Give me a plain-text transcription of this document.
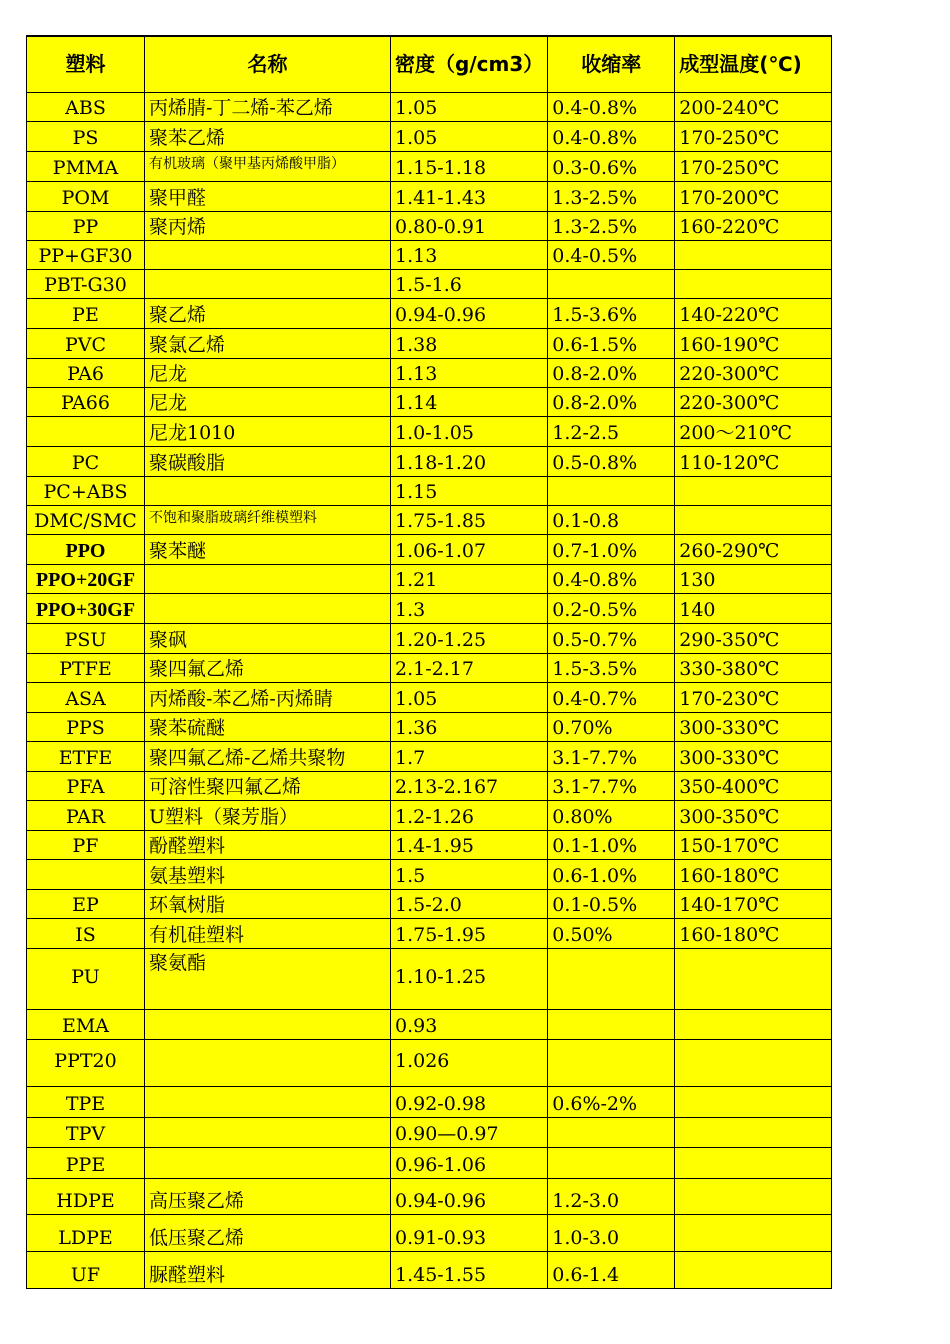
塑料	名称	密度（g/cm3）	收缩率	成型温度(℃)
ABS	丙烯腈-丁二烯-苯乙烯	1.05	0.4-0.8%	200-240℃
PS	聚苯乙烯	1.05	0.4-0.8%	170-250℃
PMMA	有机玻璃（聚甲基丙烯酸甲脂）	1.15-1.18	0.3-0.6%	170-250℃
POM	聚甲醛	1.41-1.43	1.3-2.5%	170-200℃
PP	聚丙烯	0.80-0.91	1.3-2.5%	160-220℃
PP+GF30		1.13	0.4-0.5%	
PBT-G30		1.5-1.6		
PE	聚乙烯	0.94-0.96	1.5-3.6%	140-220℃
PVC	聚氯乙烯	1.38	0.6-1.5%	160-190℃
PA6	尼龙	1.13	0.8-2.0%	220-300℃
PA66	尼龙	1.14	0.8-2.0%	220-300℃
	尼龙1010	1.0-1.05	1.2-2.5	200～210℃
PC	聚碳酸脂	1.18-1.20	0.5-0.8%	110-120℃
PC+ABS		1.15		
DMC/SMC	不饱和聚脂玻璃纤维模塑料	1.75-1.85	0.1-0.8	
PPO	聚苯醚	1.06-1.07	0.7-1.0%	260-290℃
PPO+20GF		1.21	0.4-0.8%	130
PPO+30GF		1.3	0.2-0.5%	140
PSU	聚砜	1.20-1.25	0.5-0.7%	290-350℃
PTFE	聚四氟乙烯	2.1-2.17	1.5-3.5%	330-380℃
ASA	丙烯酸-苯乙烯-丙烯睛	1.05	0.4-0.7%	170-230℃
PPS	聚苯硫醚	1.36	0.70%	300-330℃
ETFE	聚四氟乙烯-乙烯共聚物	1.7	3.1-7.7%	300-330℃
PFA	可溶性聚四氟乙烯	2.13-2.167	3.1-7.7%	350-400℃
PAR	U塑料（聚芳脂）	1.2-1.26	0.80%	300-350℃
PF	酚醛塑料	1.4-1.95	0.1-1.0%	150-170℃
	氨基塑料	1.5	0.6-1.0%	160-180℃
EP	环氧树脂	1.5-2.0	0.1-0.5%	140-170℃
IS	有机硅塑料	1.75-1.95	0.50%	160-180℃
PU	聚氨酯	1.10-1.25		
EMA		0.93		
PPT20		1.026		
TPE		0.92-0.98	0.6%-2%	
TPV		0.90—0.97		
PPE		0.96-1.06		
HDPE	高压聚乙烯	0.94-0.96	1.2-3.0	
LDPE	低压聚乙烯	0.91-0.93	1.0-3.0	
UF	脲醛塑料	1.45-1.55	0.6-1.4	
